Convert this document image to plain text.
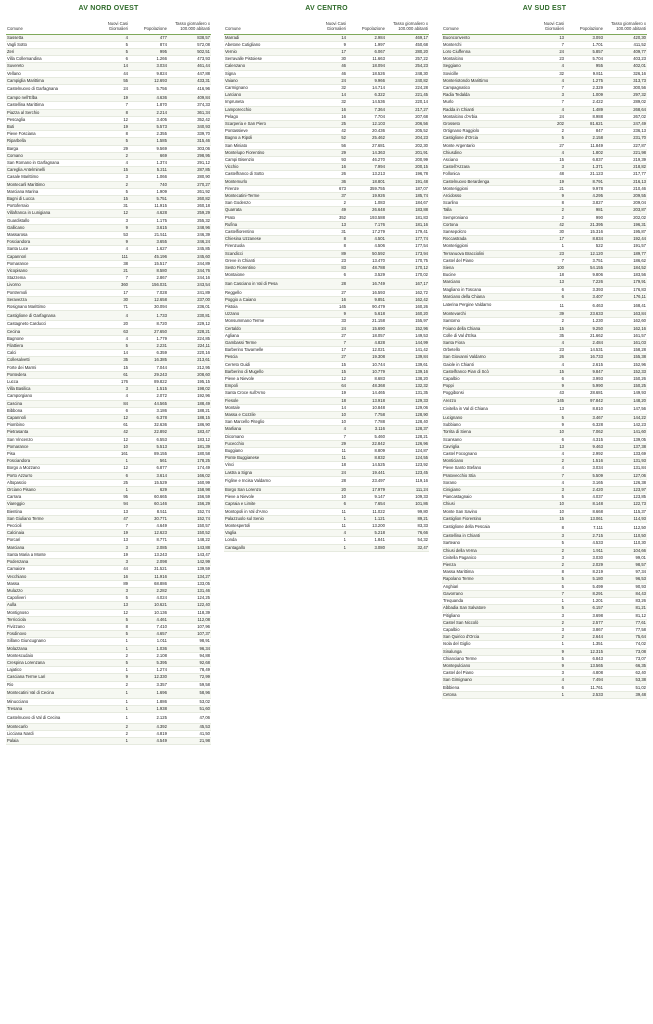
AV NORD OVEST
Comune	Nuovi Casi Giornalieri	Popolazione	Tasso giornaliero x 100.000 abitanti
Sassetta	4	477	838,57
Vagli Sotto	5	874	572,08
Zeri	5	995	502,51
Villa Collemandina	6	1.266	473,93
Suvereto	14	3.034	461,44
Vellano	44	9.824	447,88
Campiglia Marittima	55	12.693	433,31
Castelnuovo di Garfagnana	24	5.756	416,96
Campo nell'Elba	19	4.636	409,84
Castellina Marittima	7	1.870	374,33
Piazza al Serchio	8	2.214	361,34
Pescaglia	12	3.405	352,42
Buti	19	5.573	340,93
Pieve Fosciana	8	2.355	339,70
Riparbella	5	1.585	315,46
Barga	29	9.569	303,06
Comano	2	669	298,95
San Romano in Garfagnana	4	1.374	291,12
Careglia Antelminelli	15	5.211	287,85
Casale Marittimo	3	1.066	280,90
Montecarli Marittimo	2	740	270,27
Marciana Marina	5	1.909	261,92
Bagni di Lucca	15	5.751	260,82
Portoferraio	31	11.915	260,18
Villafranca in Lunigiana	12	4.628	259,29
Guardistallo	3	1.175	255,32
Gallicano	9	3.615	248,96
Massarosa	53	21.511	246,39
Fosciandora	9	3.655	246,24
Santa Luce	4	1.627	245,85
Capannori	111	45.196	245,60
Pomarance	38	15.517	244,89
Vicopisano	21	8.580	244,76
Stazzema	7	2.867	244,16
Livorno	360	156.031	243,54
Pontremoli	17	7.028	241,89
Seravezza	30	12.658	237,00
Rosignano Marittimo	71	30.094	236,01
Castiglione di Garfagnana	4	1.733	230,81
Castagneto Carducci	20	8.720	229,12
Cecina	63	27.650	228,21
Bagnone	4	1.779	224,85
Filattiera	5	2.231	224,11
Calci	14	6.359	220,16
Collesalvetti	35	16.385	213,61
Forte dei Marmi	15	7.044	212,95
Pontedera	61	29.243	208,60
Lucca	176	89.822	195,15
Villa Basilica	3	1.515	198,02
Camporgiano	4	2.072	192,96
Cascina	84	44.565	188,49
Bibbona	6	3.186	188,21
Capannoli	12	6.378	188,15
Piombino	61	32.636	186,90
Pietrasanta	42	22.892	183,47
San Vincenzo	12	6.553	183,12
Pomarance	10	5.513	181,39
Pisa	161	89.155	180,58
Fosciandora	1	561	178,25
Borgo a Mozzano	12	6.877	174,49
Porto Azzurro	6	3.614	166,02
Altopascio	25	15.529	160,99
Orciano Pisano	1	629	158,98
Carrara	95	60.665	156,59
Viareggio	94	60.146	156,29
Bientina	13	8.511	152,74
San Giuliano Terme	47	30.771	152,74
Peccioli	7	4.649	150,57
Calcinaia	19	12.623	150,52
Porcari	13	8.771	148,22
Marciana	3	2.085	143,88
Santa Maria a Monte	19	13.243	143,47
Podenzana	3	2.098	142,99
Camaiore	44	31.521	139,59
Vecchiano	16	11.916	134,27
Massa	89	68.886	133,05
Mulazzo	3	2.282	131,46
Capoliveri	5	4.024	124,25
Aulla	13	10.621	122,40
Montignoso	12	10.136	118,39
Terricciola	5	4.461	112,08
Fivizzano	8	7.410	107,96
Fosdinovo	5	4.657	107,37
Sillano Giuncugnano	1	1.011	98,91
Molazzana	1	1.036	96,34
Montescudaio	2	2.108	94,88
Crespina Lorenzana	5	5.395	92,68
Lajatico	1	1.274	78,49
Casciana Terme Lari	9	12.330	72,99
Rio	2	3.357	59,58
Montecatini Val di Cecina	1	1.696	58,96
Minucciano	1	1.886	53,02
Tresana	1	1.938	51,60
Castelnuovo di Val di Cecina	1	2.125	47,06
Montecarlo	2	4.392	45,53
Licciana Nardi	2	4.819	41,50
Palaia	1	4.549	21,98
AV CENTRO
Comune	Nuovi Casi Giornalieri	Popolazione	Tasso giornaliero x 100.000 abitanti
Marradi	14	2.984	469,17
Abetone Cutigliano	9	1.997	450,68
Vernio	17	6.067	280,20
Serravalle Pistoiese	30	11.663	257,22
Calenzano	46	18.094	254,23
Signa	46	18.526	248,30
Vaiano	24	9.966	240,82
Carmignano	32	14.714	224,28
Larciano	14	6.322	221,45
Impruneta	32	14.536	220,14
Lamporecchio	16	7.364	217,27
Pelago	16	7.704	207,68
Scarperia e San Piero	25	12.103	206,56
Pontassieve	42	20.436	205,52
Bagno a Ripoli	52	25.462	204,23
San Miniato	56	27.681	202,30
Montelupo Fiorentino	29	14.363	201,91
Campi Bisenzio	93	46.270	200,99
Vicchio	16	7.994	200,15
Castelfranco di Sotto	26	13.213	196,78
Montemurlo	36	18.801	191,48
Firenze	673	359.755	187,07
Montecatini-Terme	37	19.926	185,74
San Godenzo	2	1.083	184,67
Quarrata	49	26.648	183,88
Prato	352	193.588	181,83
Rufina	13	7.176	181,16
Castelfiorentino	31	17.279	179,41
Chiesina Uzzanese	8	4.501	177,74
Firenzuola	8	4.506	177,54
Scandicci	89	50.592	173,94
Greve in Chianti	23	13.470	170,75
Sesto Fiorentino	83	48.788	170,12
Montaione	6	3.529	170,02
San Casciano in Val di Pesa	28	16.749	167,17
Reggello	27	16.593	162,72
Poggio a Caiano	16	9.851	162,42
Pistoia	145	90.479	160,26
Uzzano	9	5.618	160,20
Monsummano Terme	33	21.158	155,97
Certaldo	24	15.690	152,96
Agliana	27	18.057	149,53
Gambassi Terme	7	4.828	144,99
Barberino Tavarnelle	17	12.021	141,42
Pescia	27	19.308	139,84
Cerreto Guidi	15	10.744	139,61
Barberino di Mugello	15	10.779	139,16
Pieve a Nievole	12	8.683	138,20
Empoli	64	48.368	132,32
Santa Croce sull'Arno	19	14.465	131,35
Fiesole	18	13.918	129,33
Montale	14	10.848	129,06
Massa e Cozzile	10	7.758	128,90
San Marcello Piteglio	10	7.788	128,40
Marliana	4	3.116	128,37
Dicomano	7	5.460	128,21
Fucecchio	29	22.842	126,96
Buggiano	11	8.809	124,87
Ponte Buggianese	11	8.832	124,55
Vinci	18	14.525	123,92
Lastra a Signa	24	19.441	123,45
Figline e Incisa Valdarno	28	23.497	119,16
Borgo San Lorenzo	20	17.979	111,24
Pieve a Nievole	10	9.147	109,33
Capraia e Limite	6	7.654	101,86
Montopoli in Val d'Arno	11	11.022	99,80
Palazzuolo sul Senio	1	1.121	89,21
Montespertoli	11	13.200	83,33
Vaglia	4	5.218	76,66
Londa	1	1.841	54,32
Cantagallo	1	3.080	32,47
AV SUD EST
Comune	Nuovi Casi Giornalieri	Popolazione	Tasso giornaliero x 100.000 abitanti
Buonconvento	13	3.093	420,30
Monterchi	7	1.701	411,52
Loro Ciuffenna	24	5.857	409,77
Montalcino	23	5.704	403,23
Seggiano	4	955	402,01
Sovicille	32	9.811	326,16
Monteriotondo Marittimo	4	1.275	313,73
Campagnatico	7	2.329	300,56
Radia Tedalda	3	1.009	297,32
Murlo	7	2.422	289,02
Radda in Chianti	4	1.489	268,64
Montalcino d'Arbia	24	8.988	267,02
Grosseto	202	81.621	247,49
Ortignano Raggiolo	2	847	236,13
Castiglione d'Orcia	5	2.158	231,70
Monte Argentario	27	11.849	227,87
Chiusdino	4	1.802	221,98
Asciano	15	6.837	219,39
Castell'Azzara	3	1.371	218,82
Follonica	48	21.123	217,77
Castelnuovo Berardenga	19	8.791	216,13
Monteriggioni	21	9.978	210,46
Arcidosso	9	4.295	209,55
Scarlino	8	3.827	209,04
Talla	2	981	203,87
Semproniano	2	990	202,02
Cortona	42	21.395	196,31
Sansepolcro	30	15.316	195,87
Roccastrada	17	8.834	192,44
Monteriggioni	1	522	191,57
Terranuova Bracciolini	23	12.120	189,77
Castel del Piano	7	3.751	186,62
Siena	100	54.155	184,52
Bucine	18	9.806	183,56
Marciano	13	7.226	179,91
Magliano in Toscana	6	3.393	176,83
Marciano della Chiana	6	3.407	176,11
Laterina Pergine Valdarno	11	6.463	168,41
Montevarchi	39	23.633	163,84
Santorno	2	1.230	162,60
Foiano della Chiana	15	9.250	162,16
Colle di Val d'Elsa	35	21.662	161,57
Santa Fiora	4	2.484	161,03
Orbetello	23	14.531	158,28
San Giovanni Valdarno	26	16.733	155,38
Gaiole in Chianti	4	2.615	152,96
Castelfranco Pian di Scò	15	9.847	152,33
Capalbio	6	3.993	150,26
Poppi	9	5.990	150,25
Poggibonsi	43	28.681	149,93
Arezzo	145	97.842	148,20
Civitella in Val di Chiana	13	8.810	147,56
Lucignano	5	3.467	144,22
Subbiano	9	6.328	142,23
Torrita di Siena	10	7.062	141,60
Scansano	6	4.315	139,05
Cavriglia	13	9.463	137,38
Castel Focognano	4	2.992	133,69
Monticiano	2	1.516	131,93
Pieve Santo Stefano	4	3.034	131,84
Pratovecchio Stia	7	5.509	127,06
Sorano	4	3.165	126,38
Cinigiano	3	2.420	123,97
Piancastagnaio	5	4.037	123,85
Chiusi	10	8.148	122,73
Monte San Savino	10	8.668	115,37
Castiglion Fiorentino	15	13.061	114,93
Castiglione della Pescaia	8	7.111	112,50
Castellina in Chianti	3	2.715	110,50
Sarteano	5	4.533	110,30
Chiusi della Verna	2	1.911	104,66
Civitella Paganico	3	3.030	99,01
Pienza	2	2.029	98,57
Massa Marittima	8	8.219	97,34
Rapolano Terme	5	5.180	96,53
Anghiari	5	5.499	90,93
Gavorrano	7	8.291	84,43
Trequanda	1	1.201	83,26
Abbadia San Salvatore	5	6.157	81,21
Pitigliano	3	3.698	81,12
Castel San Niccolò	2	2.577	77,61
Capalbio	3	3.867	77,58
San Quirico d'Orcia	2	2.644	75,64
Isola del Giglio	1	1.351	74,02
Sinalunga	9	12.315	73,08
Chianciano Terme	5	6.843	73,07
Montepulciano	9	13.565	66,35
Castel del Piano	3	4.808	62,40
San Gimignano	4	7.494	53,38
Bibbiena	6	11.761	51,02
Cetona	1	2.533	39,48
